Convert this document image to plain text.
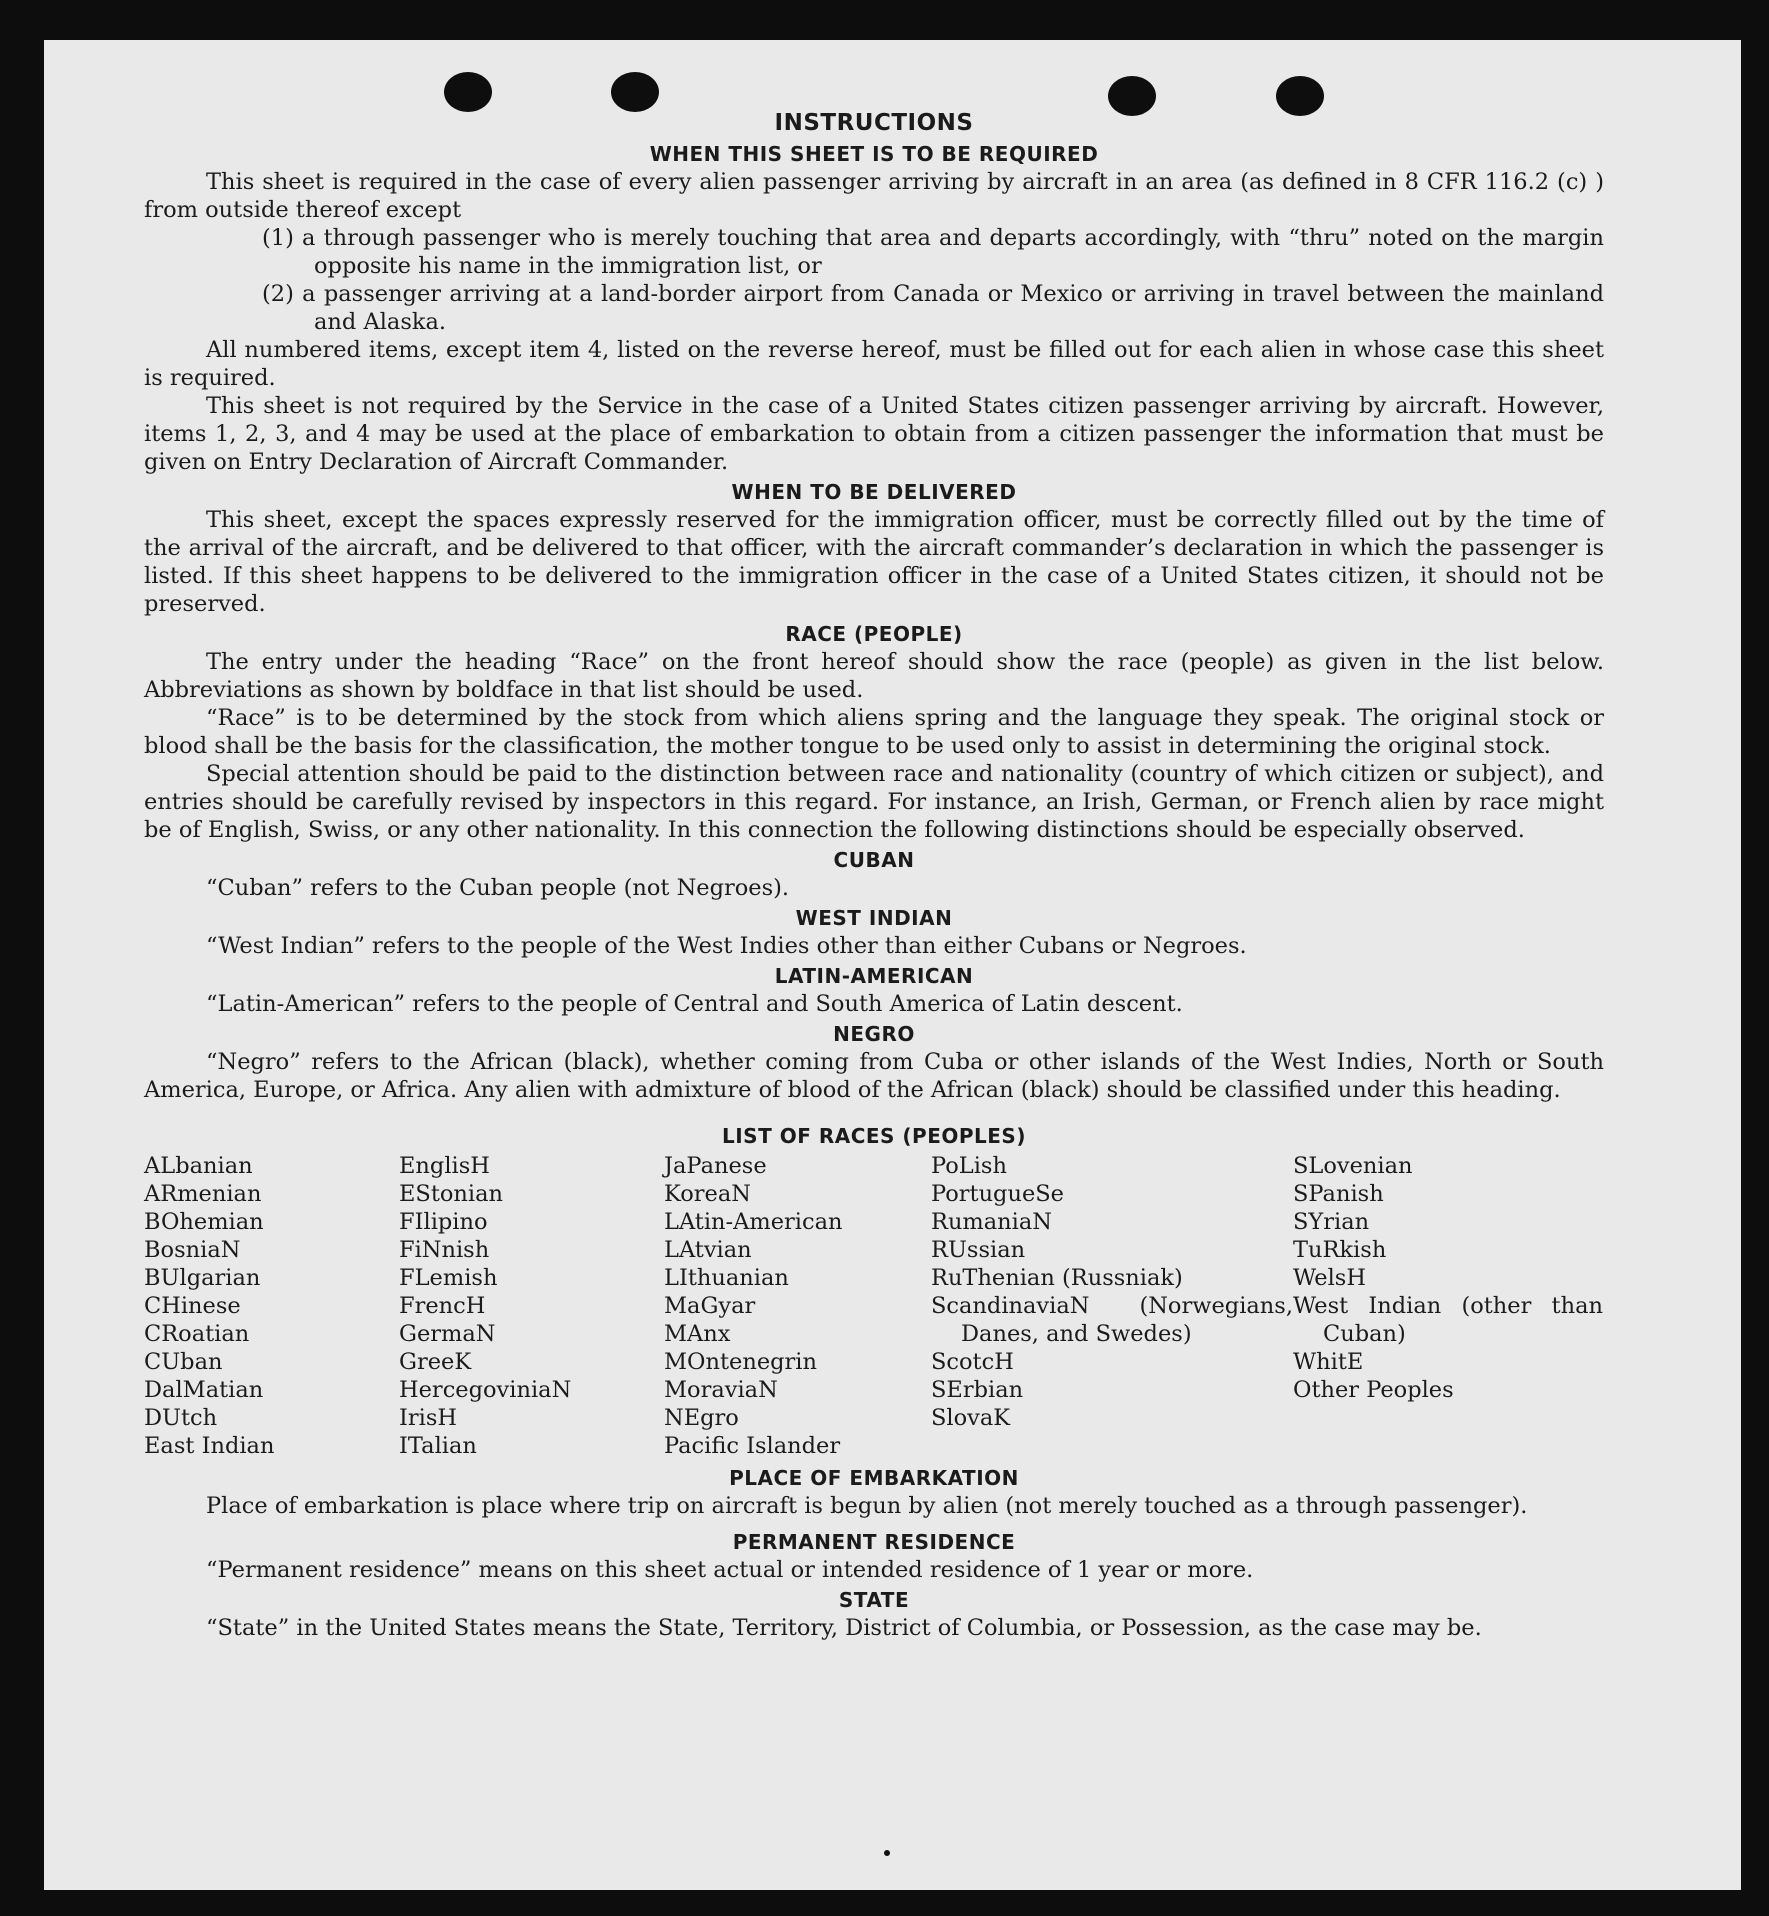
INSTRUCTIONS
WHEN THIS SHEET IS TO BE REQUIRED

This sheet is required in the case of every alien passenger arriving by aircraft in an area (as defined in 8 CFR 116.2 (c) ) from outside thereof except

(1) a through passenger who is merely touching that area and departs accordingly, with “thru” noted on the margin opposite his name in the immigration list, or

(2) a passenger arriving at a land-border airport from Canada or Mexico or arriving in travel between the mainland and Alaska.

All numbered items, except item 4, listed on the reverse hereof, must be filled out for each alien in whose case this sheet is required.

This sheet is not required by the Service in the case of a United States citizen passenger arriving by aircraft. However, items 1, 2, 3, and 4 may be used at the place of embarkation to obtain from a citizen passenger the information that must be given on Entry Declaration of Aircraft Commander.

WHEN TO BE DELIVERED

This sheet, except the spaces expressly reserved for the immigration officer, must be correctly filled out by the time of the arrival of the aircraft, and be delivered to that officer, with the aircraft commander’s declaration in which the passenger is listed. If this sheet happens to be delivered to the immigration officer in the case of a United States citizen, it should not be preserved.

RACE (PEOPLE)

The entry under the heading “Race” on the front hereof should show the race (people) as given in the list below. Abbreviations as shown by boldface in that list should be used.

“Race” is to be determined by the stock from which aliens spring and the language they speak. The original stock or blood shall be the basis for the classification, the mother tongue to be used only to assist in determining the original stock.

Special attention should be paid to the distinction between race and nationality (country of which citizen or subject), and entries should be carefully revised by inspectors in this regard. For instance, an Irish, German, or French alien by race might be of English, Swiss, or any other nationality. In this connection the following distinctions should be especially observed.

CUBAN

“Cuban” refers to the Cuban people (not Negroes).

WEST INDIAN

“West Indian” refers to the people of the West Indies other than either Cubans or Negroes.

LATIN-AMERICAN

“Latin-American” refers to the people of Central and South America of Latin descent.

NEGRO

“Negro” refers to the African (black), whether coming from Cuba or other islands of the West Indies, North or South America, Europe, or Africa. Any alien with admixture of blood of the African (black) should be classified under this heading.

LIST OF RACES (PEOPLES)
ALbanian
ARmenian
BOhemian
BosniaN
BUlgarian
CHinese
CRoatian
CUban
DalMatian
DUtch
East Indian
EnglisH
EStonian
FIlipino
FiNnish
FLemish
FrencH
GermaN
GreeK
HercegoviniaN
IrisH
ITalian
JaPanese
KoreaN
LAtin-American
LAtvian
LIthuanian
MaGyar
MAnx
MOntenegrin
MoraviaN
NEgro
Pacific Islander
PoLish
PortugueSe
RumaniaN
RUssian
RuThenian (Russniak)
ScandinaviaN (Norwegians, Danes, and Swedes)
ScotcH
SErbian
SlovaK
SLovenian
SPanish
SYrian
TuRkish
WelsH
West Indian (other than Cuban)
WhitE
Other Peoples
PLACE OF EMBARKATION

Place of embarkation is place where trip on aircraft is begun by alien (not merely touched as a through passenger).

PERMANENT RESIDENCE

“Permanent residence” means on this sheet actual or intended residence of 1 year or more.

STATE

“State” in the United States means the State, Territory, District of Columbia, or Possession, as the case may be.
